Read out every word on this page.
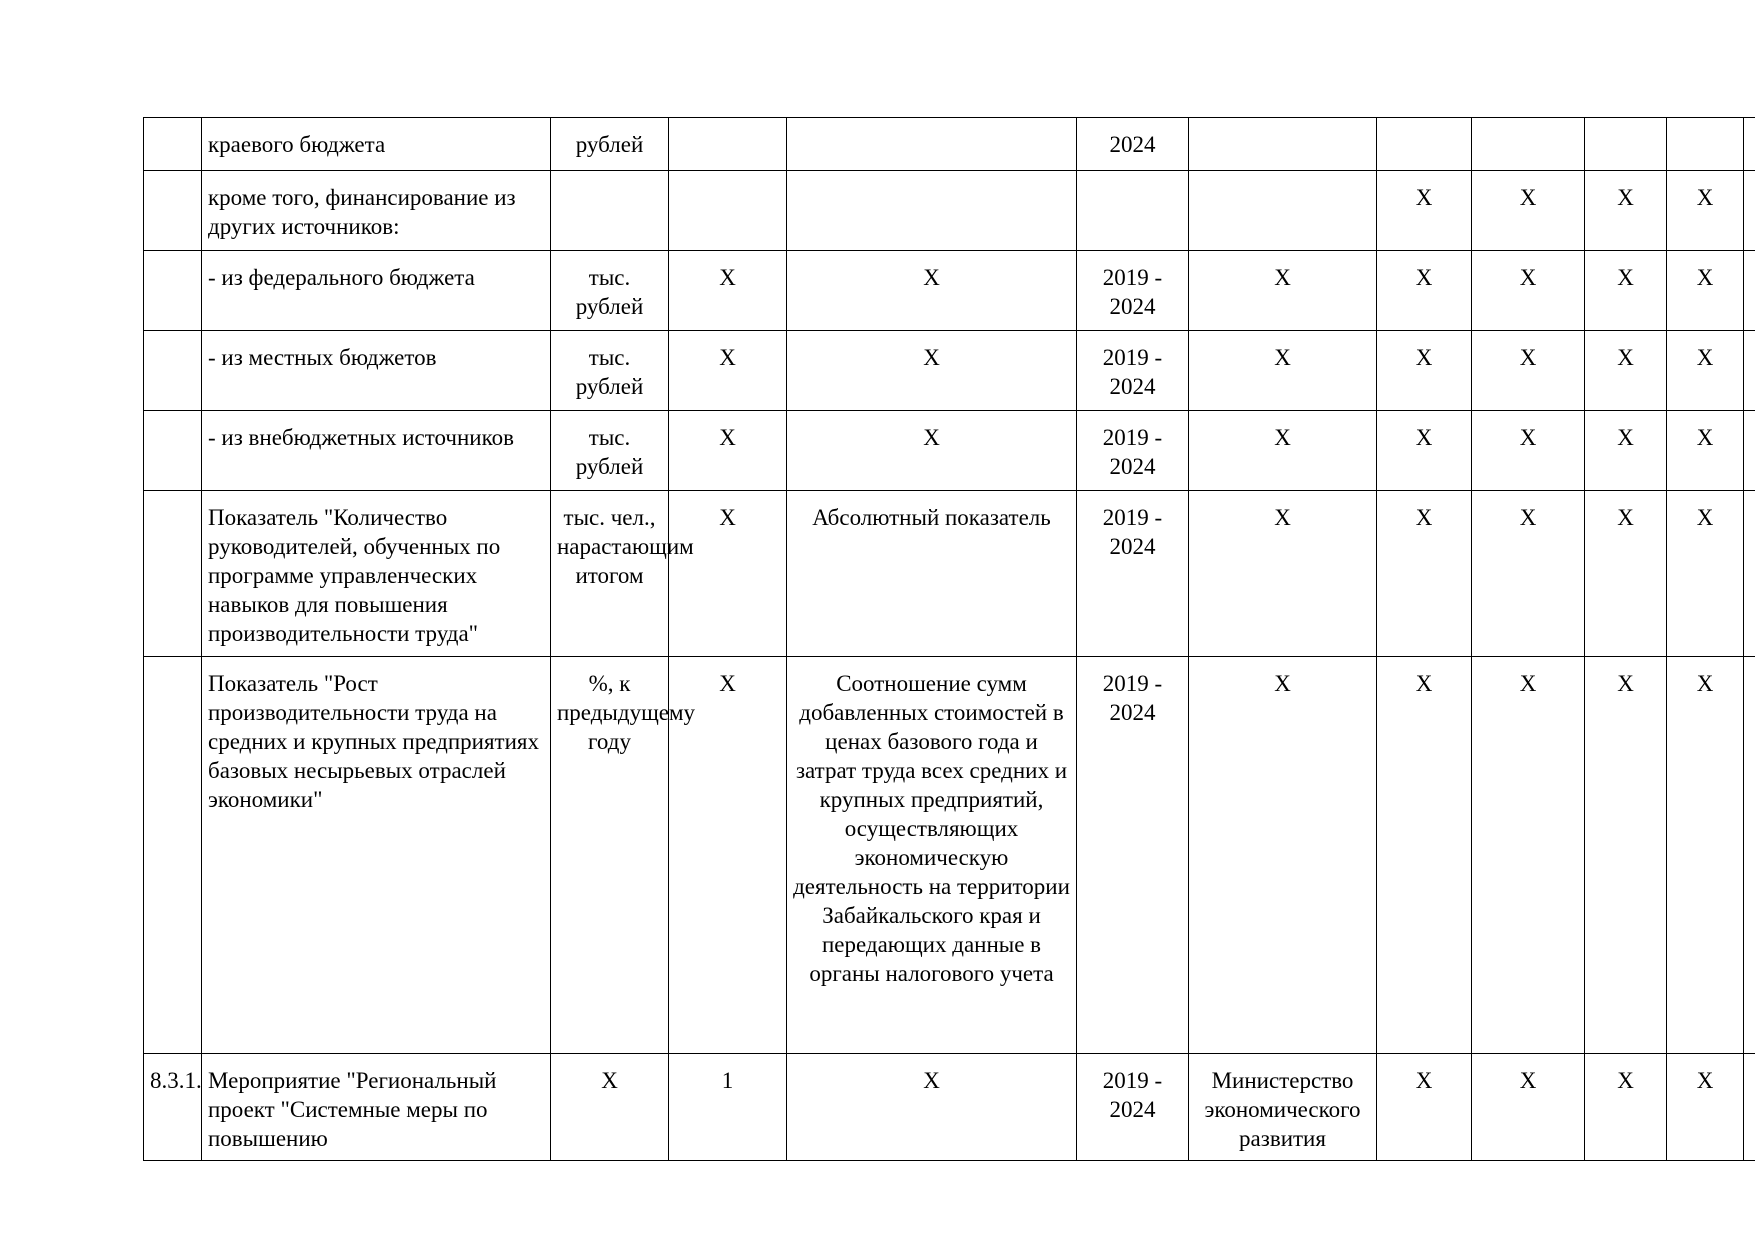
	краевого бюджета	рублей			2024						
	кроме того, финансирование из других источников:						X	X	X	X	
	- из федерального бюджета	тыс. рублей	X	X	2019 - 2024	X	X	X	X	X	
	- из местных бюджетов	тыс. рублей	X	X	2019 - 2024	X	X	X	X	X	
	- из внебюджетных источников	тыс. рублей	X	X	2019 - 2024	X	X	X	X	X	
	Показатель "Количество руководителей, обученных по программе управленческих навыков для повышения производительности труда"	тыс. чел., нарастающим итогом	X	Абсолютный показатель	2019 - 2024	X	X	X	X	X	
	Показатель "Рост производительности труда на средних и крупных предприятиях базовых несырьевых отраслей экономики"	%, к предыдущему году	X	Соотношение сумм добавленных стоимостей в ценах базового года и затрат труда всех средних и крупных предприятий, осуществляющих экономическую деятельность на территории Забайкальского края и передающих данные в органы налогового учета	2019 - 2024	X	X	X	X	X	
8.3.1.	Мероприятие "Региональный проект "Системные меры по повышению	X	1	X	2019 - 2024	Министерство экономического развития	X	X	X	X	
